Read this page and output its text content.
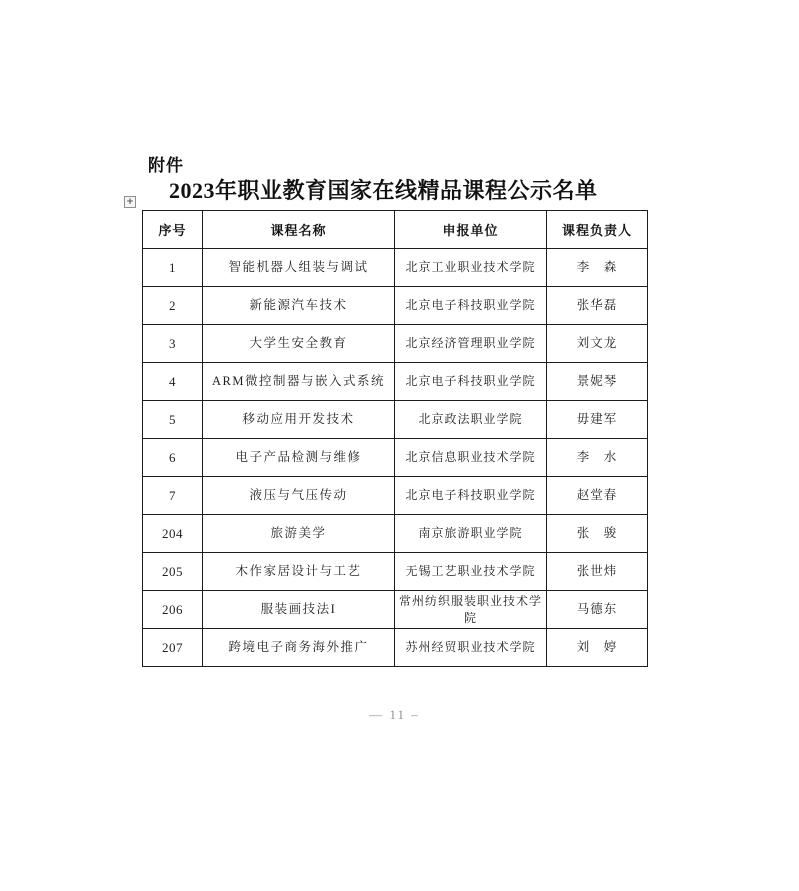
附件
+ 2023年职业教育国家在线精品课程公示名单
序号	课程名称	申报单位	课程负责人
1	智能机器人组装与调试	北京工业职业技术学院	李　森
2	新能源汽车技术	北京电子科技职业学院	张华磊
3	大学生安全教育	北京经济管理职业学院	刘文龙
4	ARM微控制器与嵌入式系统	北京电子科技职业学院	景妮琴
5	移动应用开发技术	北京政法职业学院	毋建军
6	电子产品检测与维修	北京信息职业技术学院	李　水
7	液压与气压传动	北京电子科技职业学院	赵堂春
204	旅游美学	南京旅游职业学院	张　骏
205	木作家居设计与工艺	无锡工艺职业技术学院	张世炜
206	服装画技法I	常州纺织服装职业技术学院	马德东
207	跨境电子商务海外推广	苏州经贸职业技术学院	刘　婷
— 11 –
